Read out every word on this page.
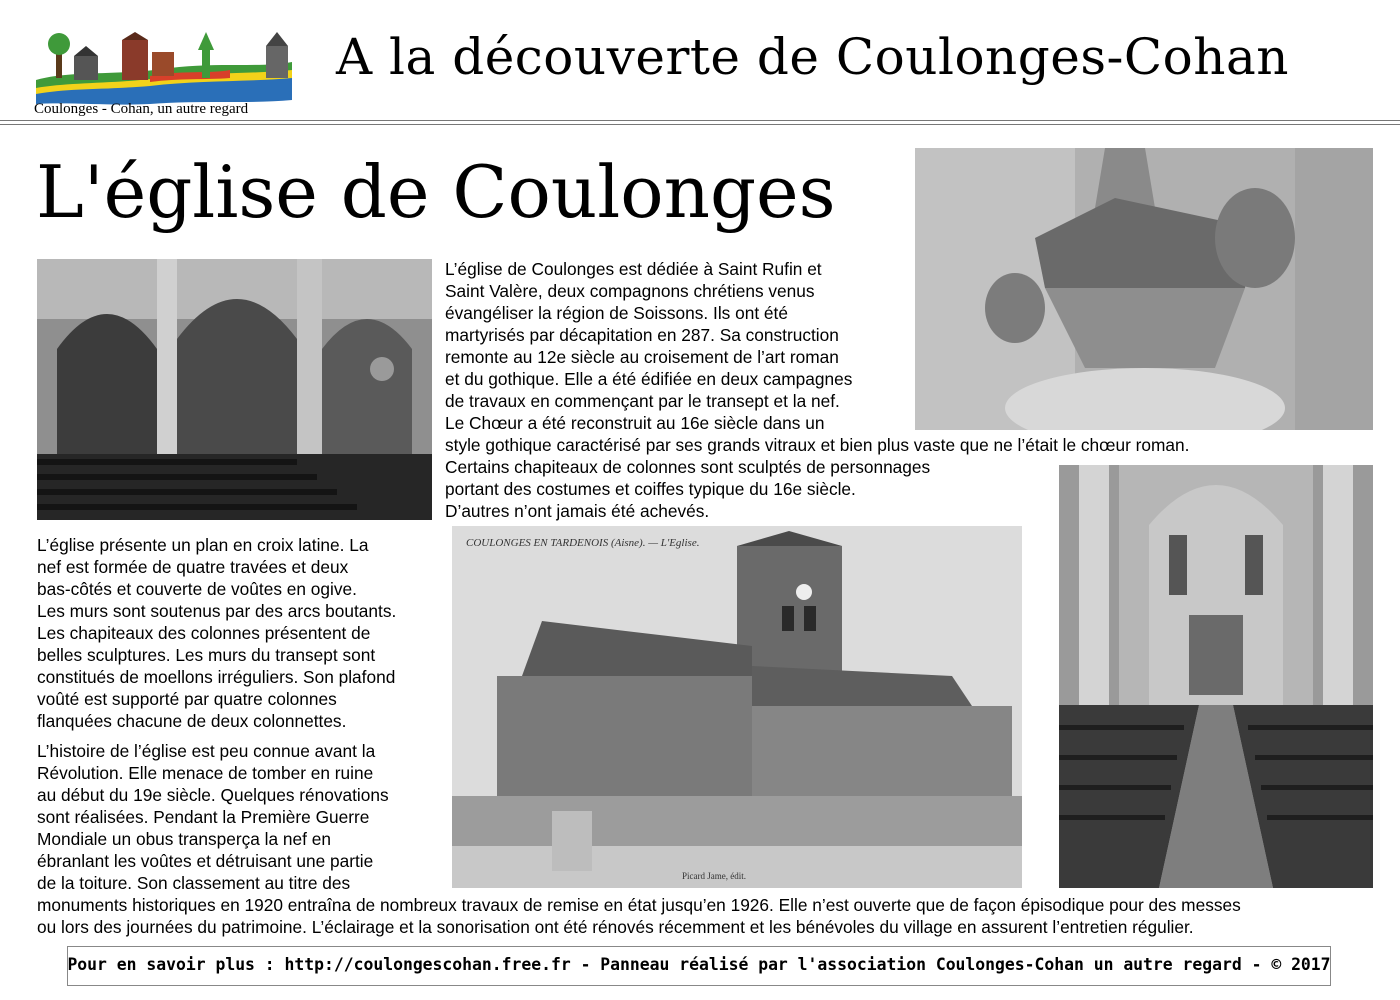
Coulonges - Cohan, un autre regard
A la découverte de Coulonges-Cohan
L'église de Coulonges
COULONGES EN TARDENOIS (Aisne). — L'Eglise.
Picard Jame, édit.
L’église de Coulonges est dédiée à Saint Rufin et
Saint Valère, deux compagnons chrétiens venus
évangéliser la région de Soissons. Ils ont été
martyrisés par décapitation en 287. Sa construction
remonte au 12e siècle au croisement de l’art roman
et du gothique. Elle a été édifiée en deux campagnes
de travaux en commençant par le transept et la nef.
Le Chœur a été reconstruit au 16e siècle dans un
style gothique caractérisé par ses grands vitraux et bien plus vaste que ne l’était le chœur roman.
Certains chapiteaux de colonnes sont sculptés de personnages
portant des costumes et coiffes typique du 16e siècle.
D’autres n’ont jamais été achevés.
L’église présente un plan en croix latine. La
nef est formée de quatre travées et deux
bas-côtés et couverte de voûtes en ogive.
Les murs sont soutenus par des arcs boutants.
Les chapiteaux des colonnes présentent de
belles sculptures. Les murs du transept sont
constitués de moellons irréguliers. Son plafond
voûté est supporté par quatre colonnes
flanquées chacune de deux colonnettes.
L’histoire de l’église est peu connue avant la
Révolution. Elle menace de tomber en ruine
au début du 19e siècle. Quelques rénovations
sont réalisées. Pendant la Première Guerre
Mondiale un obus transperça la nef en
ébranlant les voûtes et détruisant une partie
de la toiture. Son classement au titre des
monuments historiques en 1920 entraîna de nombreux travaux de remise en état jusqu’en 1926. Elle n’est ouverte que de façon épisodique pour des messes
ou lors des journées du patrimoine. L’éclairage et la sonorisation ont été rénovés récemment et les bénévoles du village en assurent l’entretien régulier.
Pour en savoir plus : http://coulongescohan.free.fr - Panneau réalisé par l'association Coulonges-Cohan un autre regard - © 2017
